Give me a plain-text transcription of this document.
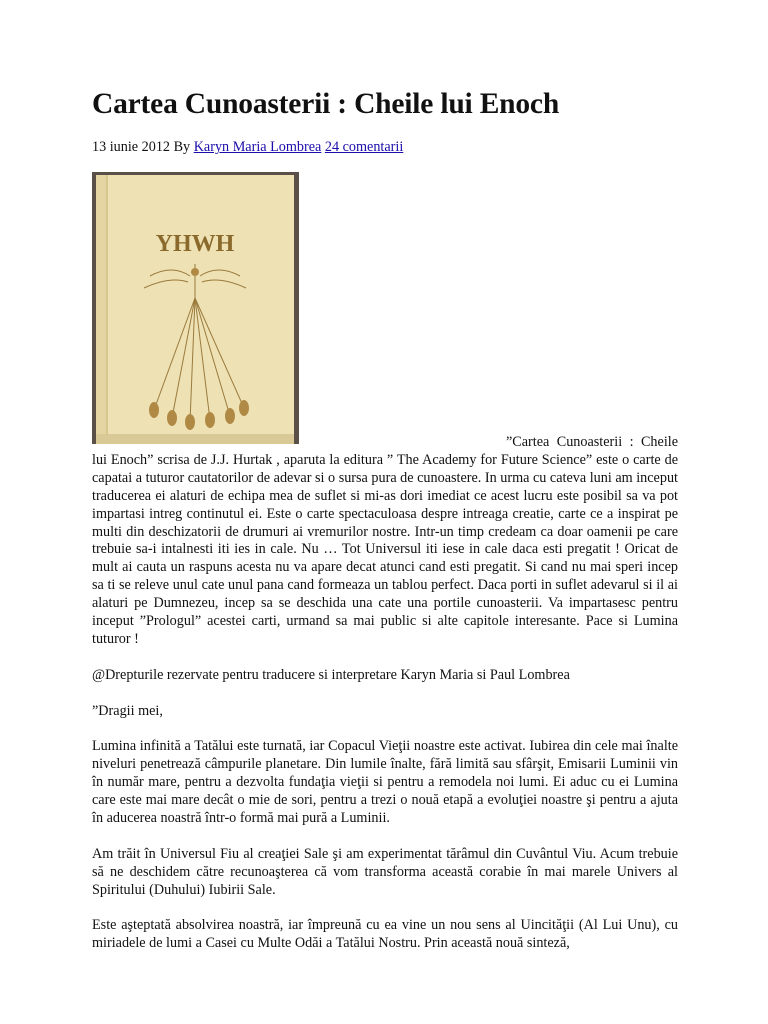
Cartea Cunoasterii : Cheile lui Enoch
13 iunie 2012 By Karyn Maria Lombrea 24 comentarii
YHWH

”Cartea Cunoasterii : Cheile lui Enoch” scrisa de J.J. Hurtak , aparuta la editura ” The Academy for Future Science” este o carte de capatai a tuturor cautatorilor de adevar si o sursa pura de cunoastere. In urma cu cateva luni am inceput traducerea ei alaturi de echipa mea de suflet si mi-as dori imediat ce acest lucru este posibil sa va pot impartasi intreg continutul ei. Este o carte spectaculoasa despre intreaga creatie, carte ce a inspirat pe multi din deschizatorii de drumuri ai vremurilor nostre. Intr-un timp credeam ca doar oamenii pe care trebuie sa-i intalnesti iti ies in cale. Nu … Tot Universul iti iese in cale daca esti pregatit ! Oricat de mult ai cauta un raspuns acesta nu va apare decat atunci cand esti pregatit. Si cand nu mai speri incep sa ti se releve unul cate unul pana cand formeaza un tablou perfect. Daca porti in suflet adevarul si il ai alaturi pe Dumnezeu, incep sa se deschida una cate una portile cunoasterii. Va impartasesc pentru inceput ”Prologul” acestei carti, urmand sa mai public si alte capitole interesante. Pace si Lumina tuturor !

@Drepturile rezervate pentru traducere si interpretare Karyn Maria si Paul Lombrea

”Dragii mei,

Lumina infinită a Tatălui este turnată, iar Copacul Vieţii noastre este activat. Iubirea din cele mai înalte niveluri penetrează câmpurile planetare. Din lumile înalte, fără limită sau sfârşit, Emisarii Luminii vin în număr mare, pentru a dezvolta fundaţia vieţii si pentru a remodela noi lumi. Ei aduc cu ei Lumina care este mai mare decât o mie de sori, pentru a trezi o nouă etapă a evoluţiei noastre şi pentru a ajuta în aducerea noastră într-o formă mai pură a Luminii.

Am trăit în Universul Fiu al creaţiei Sale şi am experimentat tărâmul din Cuvântul Viu. Acum trebuie să ne deschidem către recunoaşterea că vom transforma această corabie în mai marele Univers al Spiritului (Duhului) Iubirii Sale.

Este aşteptată absolvirea noastră, iar împreună cu ea vine un nou sens al Uincităţii (Al Lui Unu), cu miriadele de lumi a Casei cu Multe Odăi a Tatălui Nostru. Prin această nouă sinteză,
